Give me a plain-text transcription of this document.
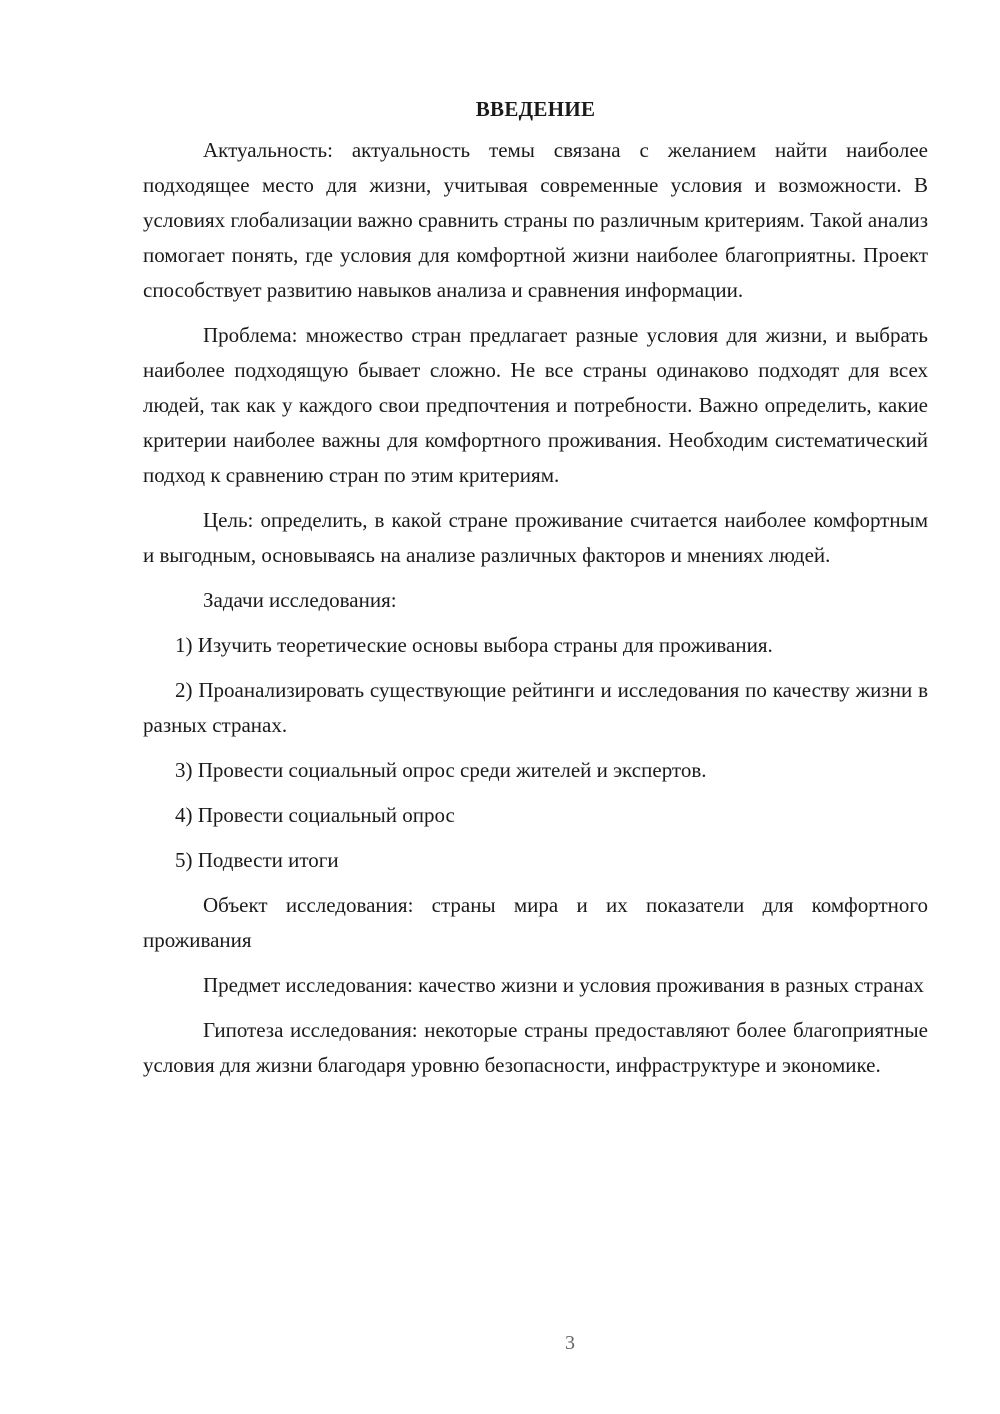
ВВЕДЕНИЕ

Актуальность: актуальность темы связана с желанием найти наиболее подходящее место для жизни, учитывая современные условия и возможности. В условиях глобализации важно сравнить страны по различным критериям. Такой анализ помогает понять, где условия для комфортной жизни наиболее благоприятны. Проект способствует развитию навыков анализа и сравнения информации.

Проблема: множество стран предлагает разные условия для жизни, и выбрать наиболее подходящую бывает сложно. Не все страны одинаково подходят для всех людей, так как у каждого свои предпочтения и потребности. Важно определить, какие критерии наиболее важны для комфортного проживания. Необходим систематический подход к сравнению стран по этим критериям.

Цель: определить, в какой стране проживание считается наиболее комфортным и выгодным, основываясь на анализе различных факторов и мнениях людей.

Задачи исследования:

1) Изучить теоретические основы выбора страны для проживания.

2) Проанализировать существующие рейтинги и исследования по качеству жизни в разных странах.

3) Провести социальный опрос среди жителей и экспертов.

4) Провести социальный опрос

5) Подвести итоги

Объект исследования: страны мира и их показатели для комфортного проживания

Предмет исследования: качество жизни и условия проживания в разных странах

Гипотеза исследования: некоторые страны предоставляют более благоприятные условия для жизни благодаря уровню безопасности, инфраструктуре и экономике.

3
